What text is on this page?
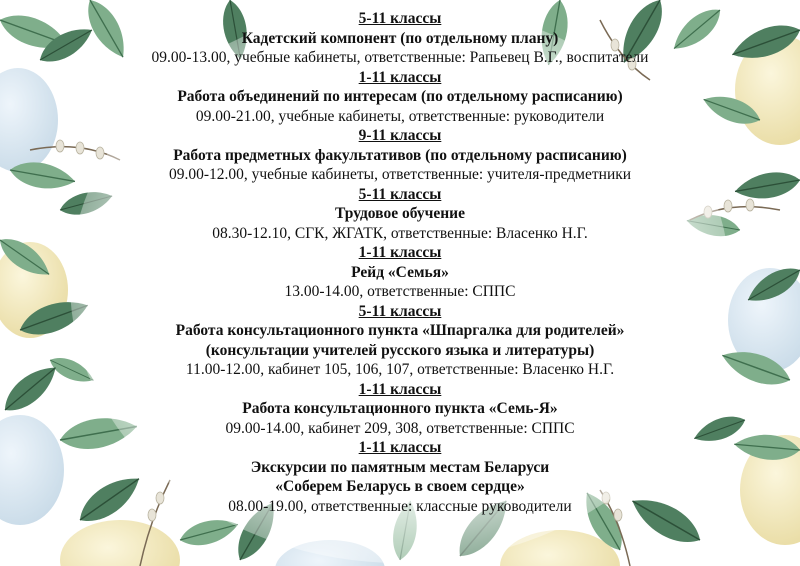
5-11 классы
Кадетский компонент (по отдельному плану)
09.00-13.00, учебные кабинеты, ответственные: Рапьевец В.Г., воспитатели
1-11 классы
Работа объединений по интересам (по отдельному расписанию)
09.00-21.00, учебные кабинеты, ответственные: руководители
9-11 классы
Работа предметных факультативов (по отдельному расписанию)
09.00-12.00, учебные кабинеты, ответственные: учителя-предметники
5-11 классы
Трудовое обучение
08.30-12.10, СГК, ЖГАТК, ответственные: Власенко Н.Г.
1-11 классы
Рейд «Семья»
13.00-14.00, ответственные: СППС
5-11 классы
Работа консультационного пункта «Шпаргалка для родителей»
(консультации учителей русского языка и литературы)
11.00-12.00, кабинет 105, 106, 107, ответственные: Власенко Н.Г.
1-11 классы
Работа консультационного пункта «Семь-Я»
09.00-14.00, кабинет 209, 308, ответственные: СППС
1-11 классы
Экскурсии по памятным местам Беларуси
«Соберем Беларусь в своем сердце»
08.00-19.00, ответственные: классные руководители
